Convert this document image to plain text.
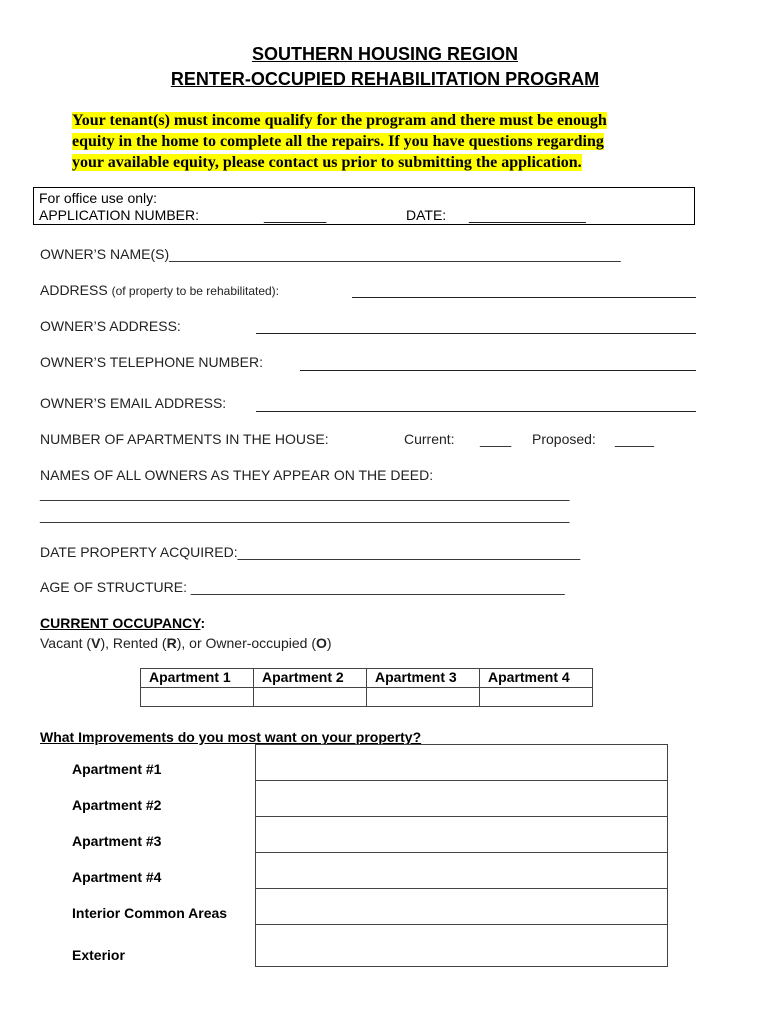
SOUTHERN HOUSING REGION
RENTER-OCCUPIED REHABILITATION PROGRAM
Your tenant(s) must income qualify for the program and there must be enough
equity in the home to complete all the repairs. If you have questions regarding
your available equity, please contact us prior to submitting the application.
For office use only:
APPLICATION NUMBER:	________	DATE: _______________
OWNER’S NAME(S)__________________________________________________________
ADDRESS (of property to be rehabilitated):
OWNER’S ADDRESS:
OWNER’S TELEPHONE NUMBER:
OWNER’S EMAIL ADDRESS:
NUMBER OF APARTMENTS IN THE HOUSE:	Current: ____ Proposed: _____
NAMES OF ALL OWNERS AS THEY APPEAR ON THE DEED:
____________________________________________________________________
____________________________________________________________________
DATE PROPERTY ACQUIRED:____________________________________________
AGE OF STRUCTURE: ________________________________________________
CURRENT OCCUPANCY:
Vacant (V), Rented (R), or Owner-occupied (O)
Apartment 1	Apartment 2	Apartment 3	Apartment 4

What Improvements do you most want on your property?
Apartment #1	
Apartment #2	
Apartment #3	
Apartment #4	
Interior Common Areas	
Exterior	
